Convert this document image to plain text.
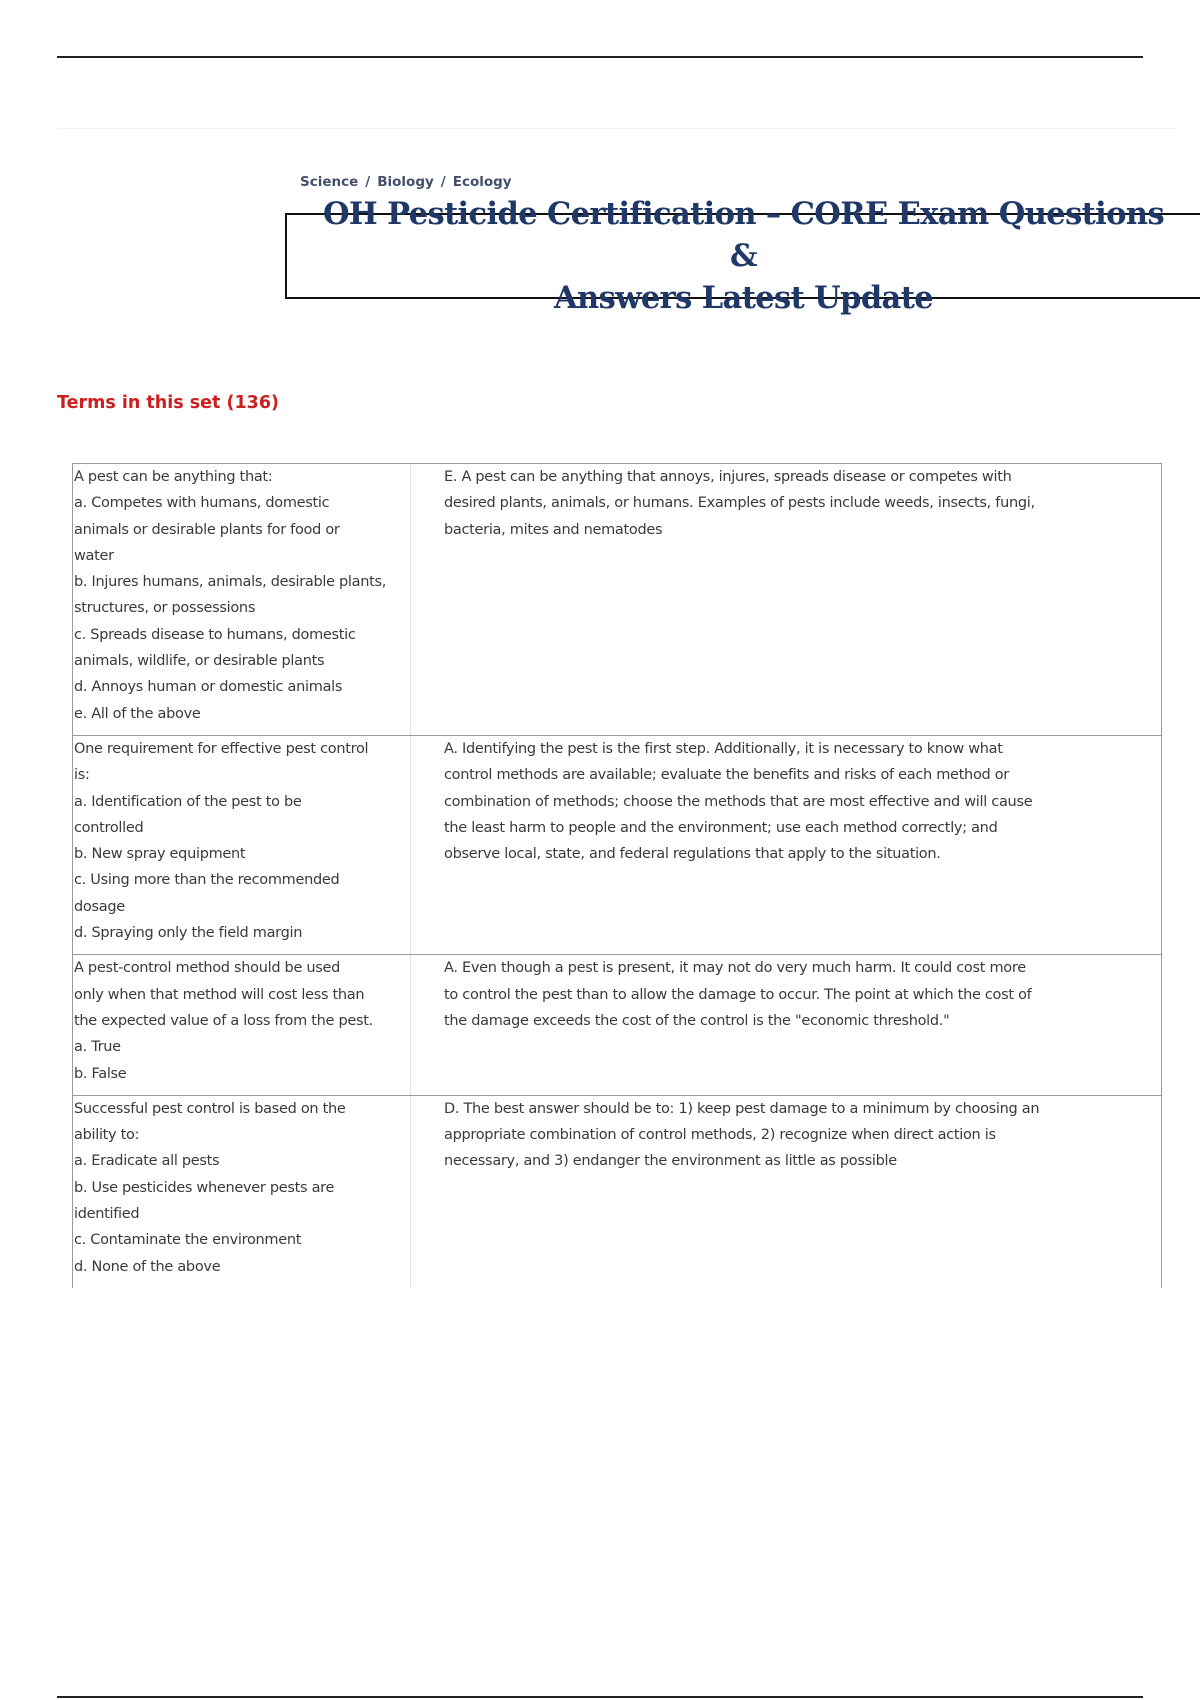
Science / Biology / Ecology
OH Pesticide Certification – CORE Exam Questions &
Answers Latest Update
Terms in this set (136)
A pest can be anything that:
a. Competes with humans, domestic
animals or desirable plants for food or
water
b. Injures humans, animals, desirable plants,
structures, or possessions
c. Spreads disease to humans, domestic
animals, wildlife, or desirable plants
d. Annoys human or domestic animals
e. All of the above
E. A pest can be anything that annoys, injures, spreads disease or competes with
desired plants, animals, or humans. Examples of pests include weeds, insects, fungi,
bacteria, mites and nematodes
One requirement for effective pest control
is:
a. Identification of the pest to be
controlled
b. New spray equipment
c. Using more than the recommended
dosage
d. Spraying only the field margin
A. Identifying the pest is the first step. Additionally, it is necessary to know what
control methods are available; evaluate the benefits and risks of each method or
combination of methods; choose the methods that are most effective and will cause
the least harm to people and the environment; use each method correctly; and
observe local, state, and federal regulations that apply to the situation.
A pest-control method should be used
only when that method will cost less than
the expected value of a loss from the pest.
a. True
b. False
A. Even though a pest is present, it may not do very much harm. It could cost more
to control the pest than to allow the damage to occur. The point at which the cost of
the damage exceeds the cost of the control is the "economic threshold."
Successful pest control is based on the
ability to:
a. Eradicate all pests
b. Use pesticides whenever pests are
identified
c. Contaminate the environment
d. None of the above
D. The best answer should be to: 1) keep pest damage to a minimum by choosing an
appropriate combination of control methods, 2) recognize when direct action is
necessary, and 3) endanger the environment as little as possible
